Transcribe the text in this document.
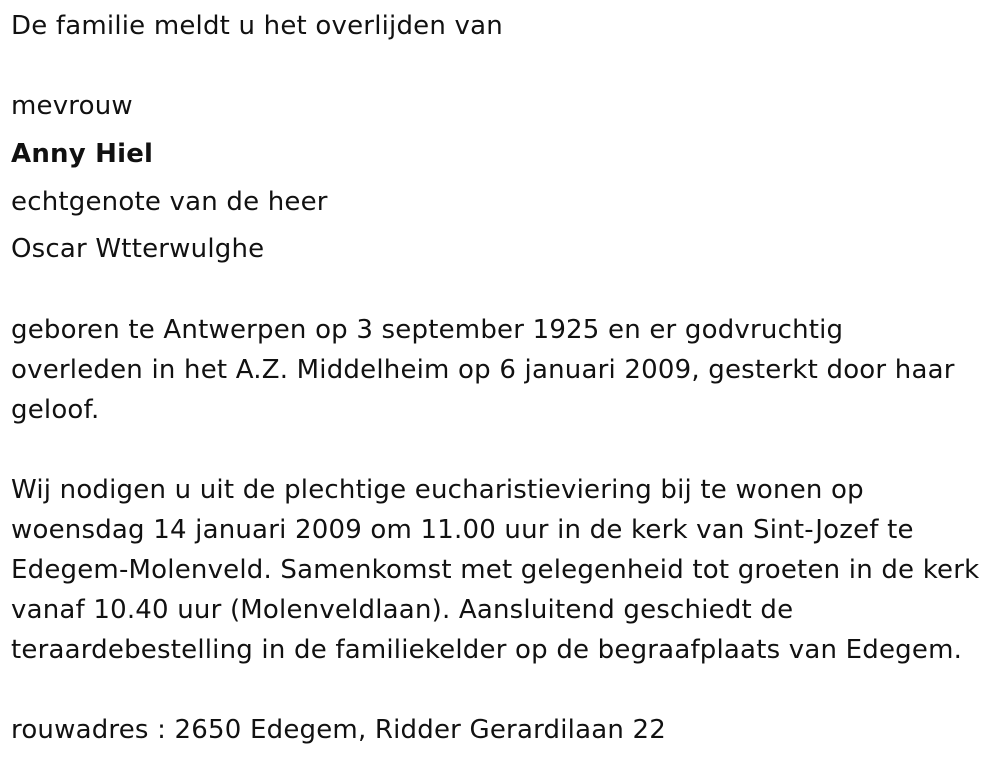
De familie meldt u het overlijden van
mevrouw
Anny Hiel
echtgenote van de heer
Oscar Wtterwulghe
geboren te Antwerpen op 3 september 1925 en er godvruchtig
overleden in het A.Z. Middelheim op 6 januari 2009, gesterkt door haar
geloof.
Wij nodigen u uit de plechtige eucharistieviering bij te wonen op
woensdag 14 januari 2009 om 11.00 uur in de kerk van Sint-Jozef te
Edegem-Molenveld. Samenkomst met gelegenheid tot groeten in de kerk
vanaf 10.40 uur (Molenveldlaan). Aansluitend geschiedt de
teraardebestelling in de familiekelder op de begraafplaats van Edegem.
rouwadres : 2650 Edegem, Ridder Gerardilaan 22
